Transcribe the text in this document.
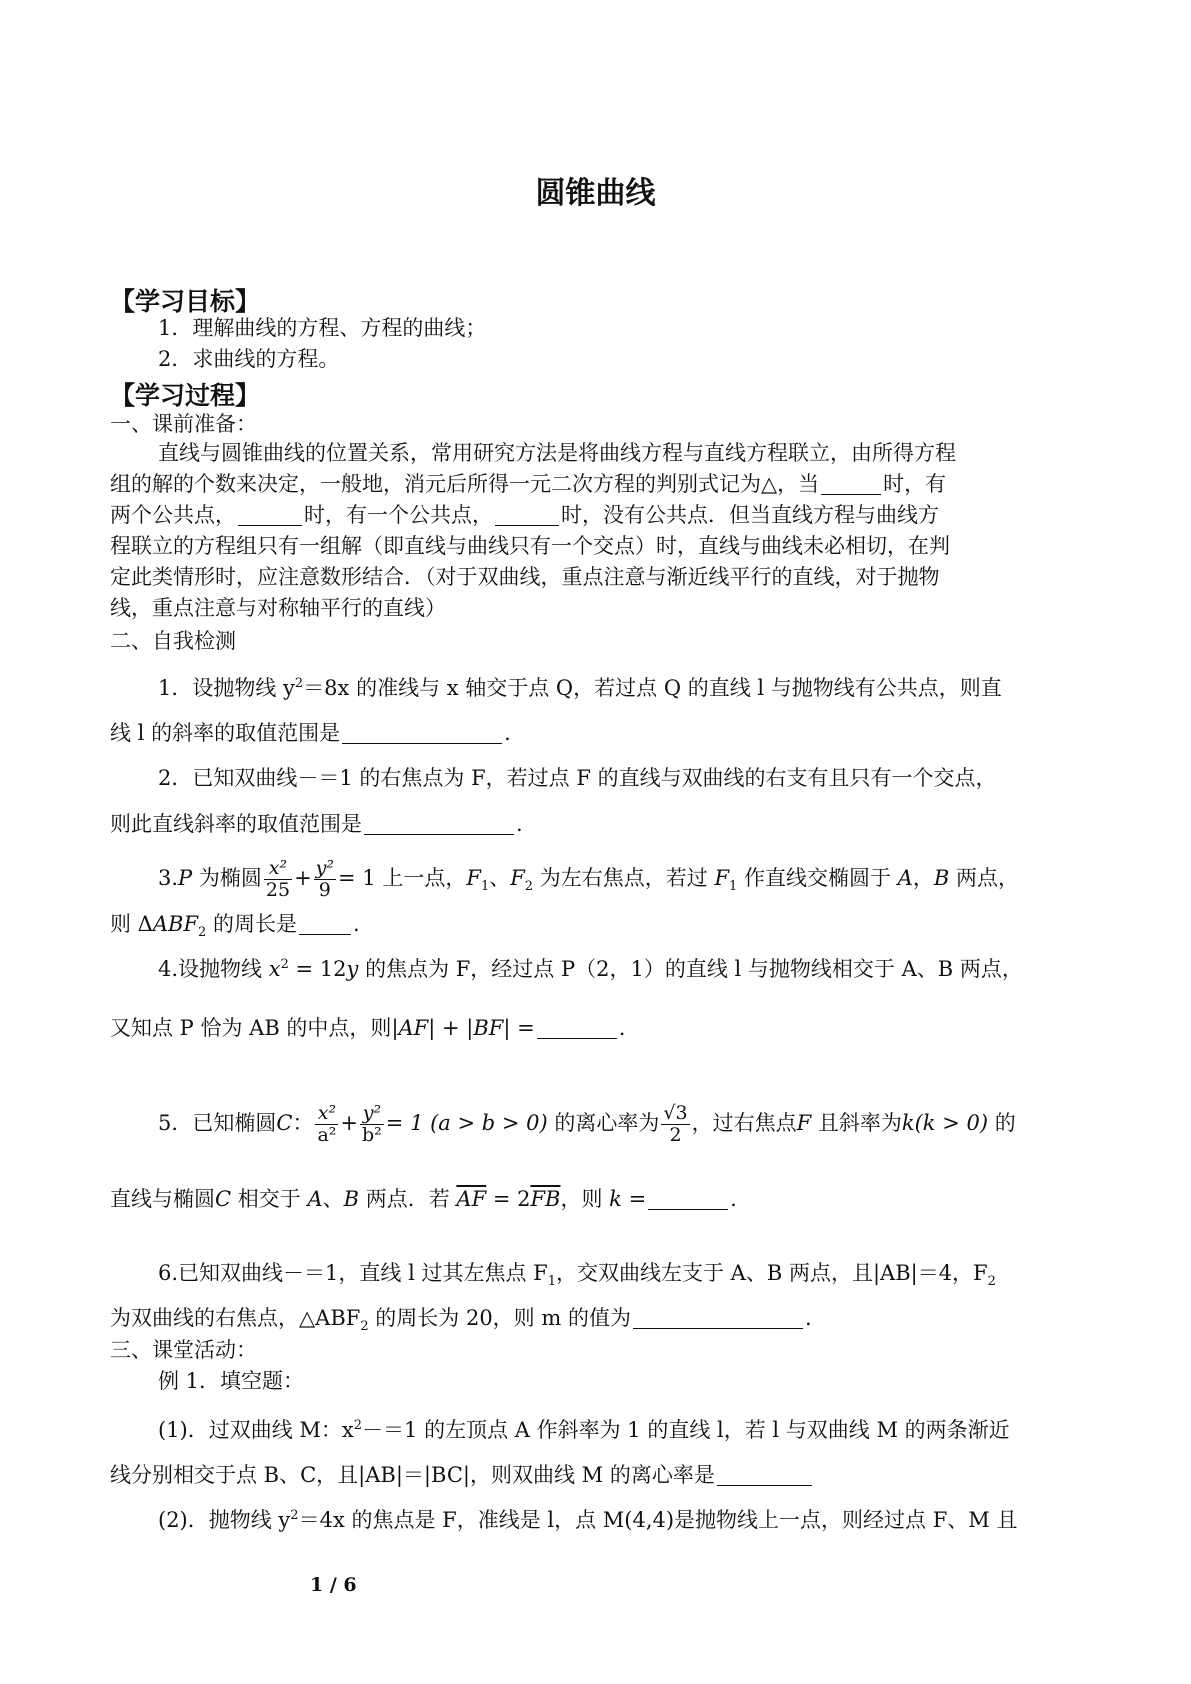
圆锥曲线
【学习目标】
1．理解曲线的方程、方程的曲线；
2．求曲线的方程。
【学习过程】
一、课前准备：
直线与圆锥曲线的位置关系，常用研究方法是将曲线方程与直线方程联立，由所得方程
组的解的个数来决定，一般地，消元后所得一元二次方程的判别式记为△，当	时，有
两个公共点，	时，有一个公共点，	时，没有公共点．但当直线方程与曲线方
程联立的方程组只有一组解（即直线与曲线只有一个交点）时，直线与曲线未必相切，在判
定此类情形时，应注意数形结合．（对于双曲线，重点注意与渐近线平行的直线，对于抛物
线，重点注意与对称轴平行的直线）
二、自我检测
1．设抛物线 $y^2=8x$ 的准线与 x 轴交于点 Q，若过点 Q 的直线 l 与抛物线有公共点，则直
线 l 的斜率的取值范围是	.
2．已知双曲线－＝1 的右焦点为 F，若过点 F 的直线与双曲线的右支有且只有一个交点，
则此直线斜率的取值范围是	.
3.P 为椭圆 $\frac{\text{x²}}{25} + \frac{\text{y²}}{9} = 1$ 上一点，$F_1$、$F_2$ 为左右焦点，若过 $F_1$ 作直线交椭圆于 A，B 两点，
则 $\Delta ABF_2$ 的周长是	.
4.设抛物线 $x^2 = 12y$ 的焦点为 F，经过点 P（2，1）的直线 l 与抛物线相交于 A、B 两点，
又知点 P 恰为 AB 的中点，则|AF| + |BF| =	.
5．已知椭圆C： $\frac{\text{x²}}{\text{a²}} + \frac{\text{y²}}{\text{b²}} = 1$ (a > b > 0) 的离心率为 $\frac{√3}{2}$ ，过右焦点F 且斜率为k(k > 0) 的
直线与椭圆C 相交于 A、B 两点．若 $\overline{AF} = 2\overline{FB}$，则 k =	.
6.已知双曲线－＝1，直线 l 过其左焦点 $F_1$，交双曲线左支于 A、B 两点，且|AB|＝4，$F_2$
为双曲线的右焦点，$\triangle ABF_2$ 的周长为 20，则 m 的值为	.
三、课堂活动：
例 1．填空题：
(1)．过双曲线 M：$x^2-=1$ 的左顶点 A 作斜率为 1 的直线 l，若 l 与双曲线 M 的两条渐近
线分别相交于点 B、C，且|AB|＝|BC|，则双曲线 M 的离心率是
(2)．抛物线 $y^2=4x$ 的焦点是 F，准线是 l，点 M(4,4)是抛物线上一点，则经过点 F、M 且
1 / 6
